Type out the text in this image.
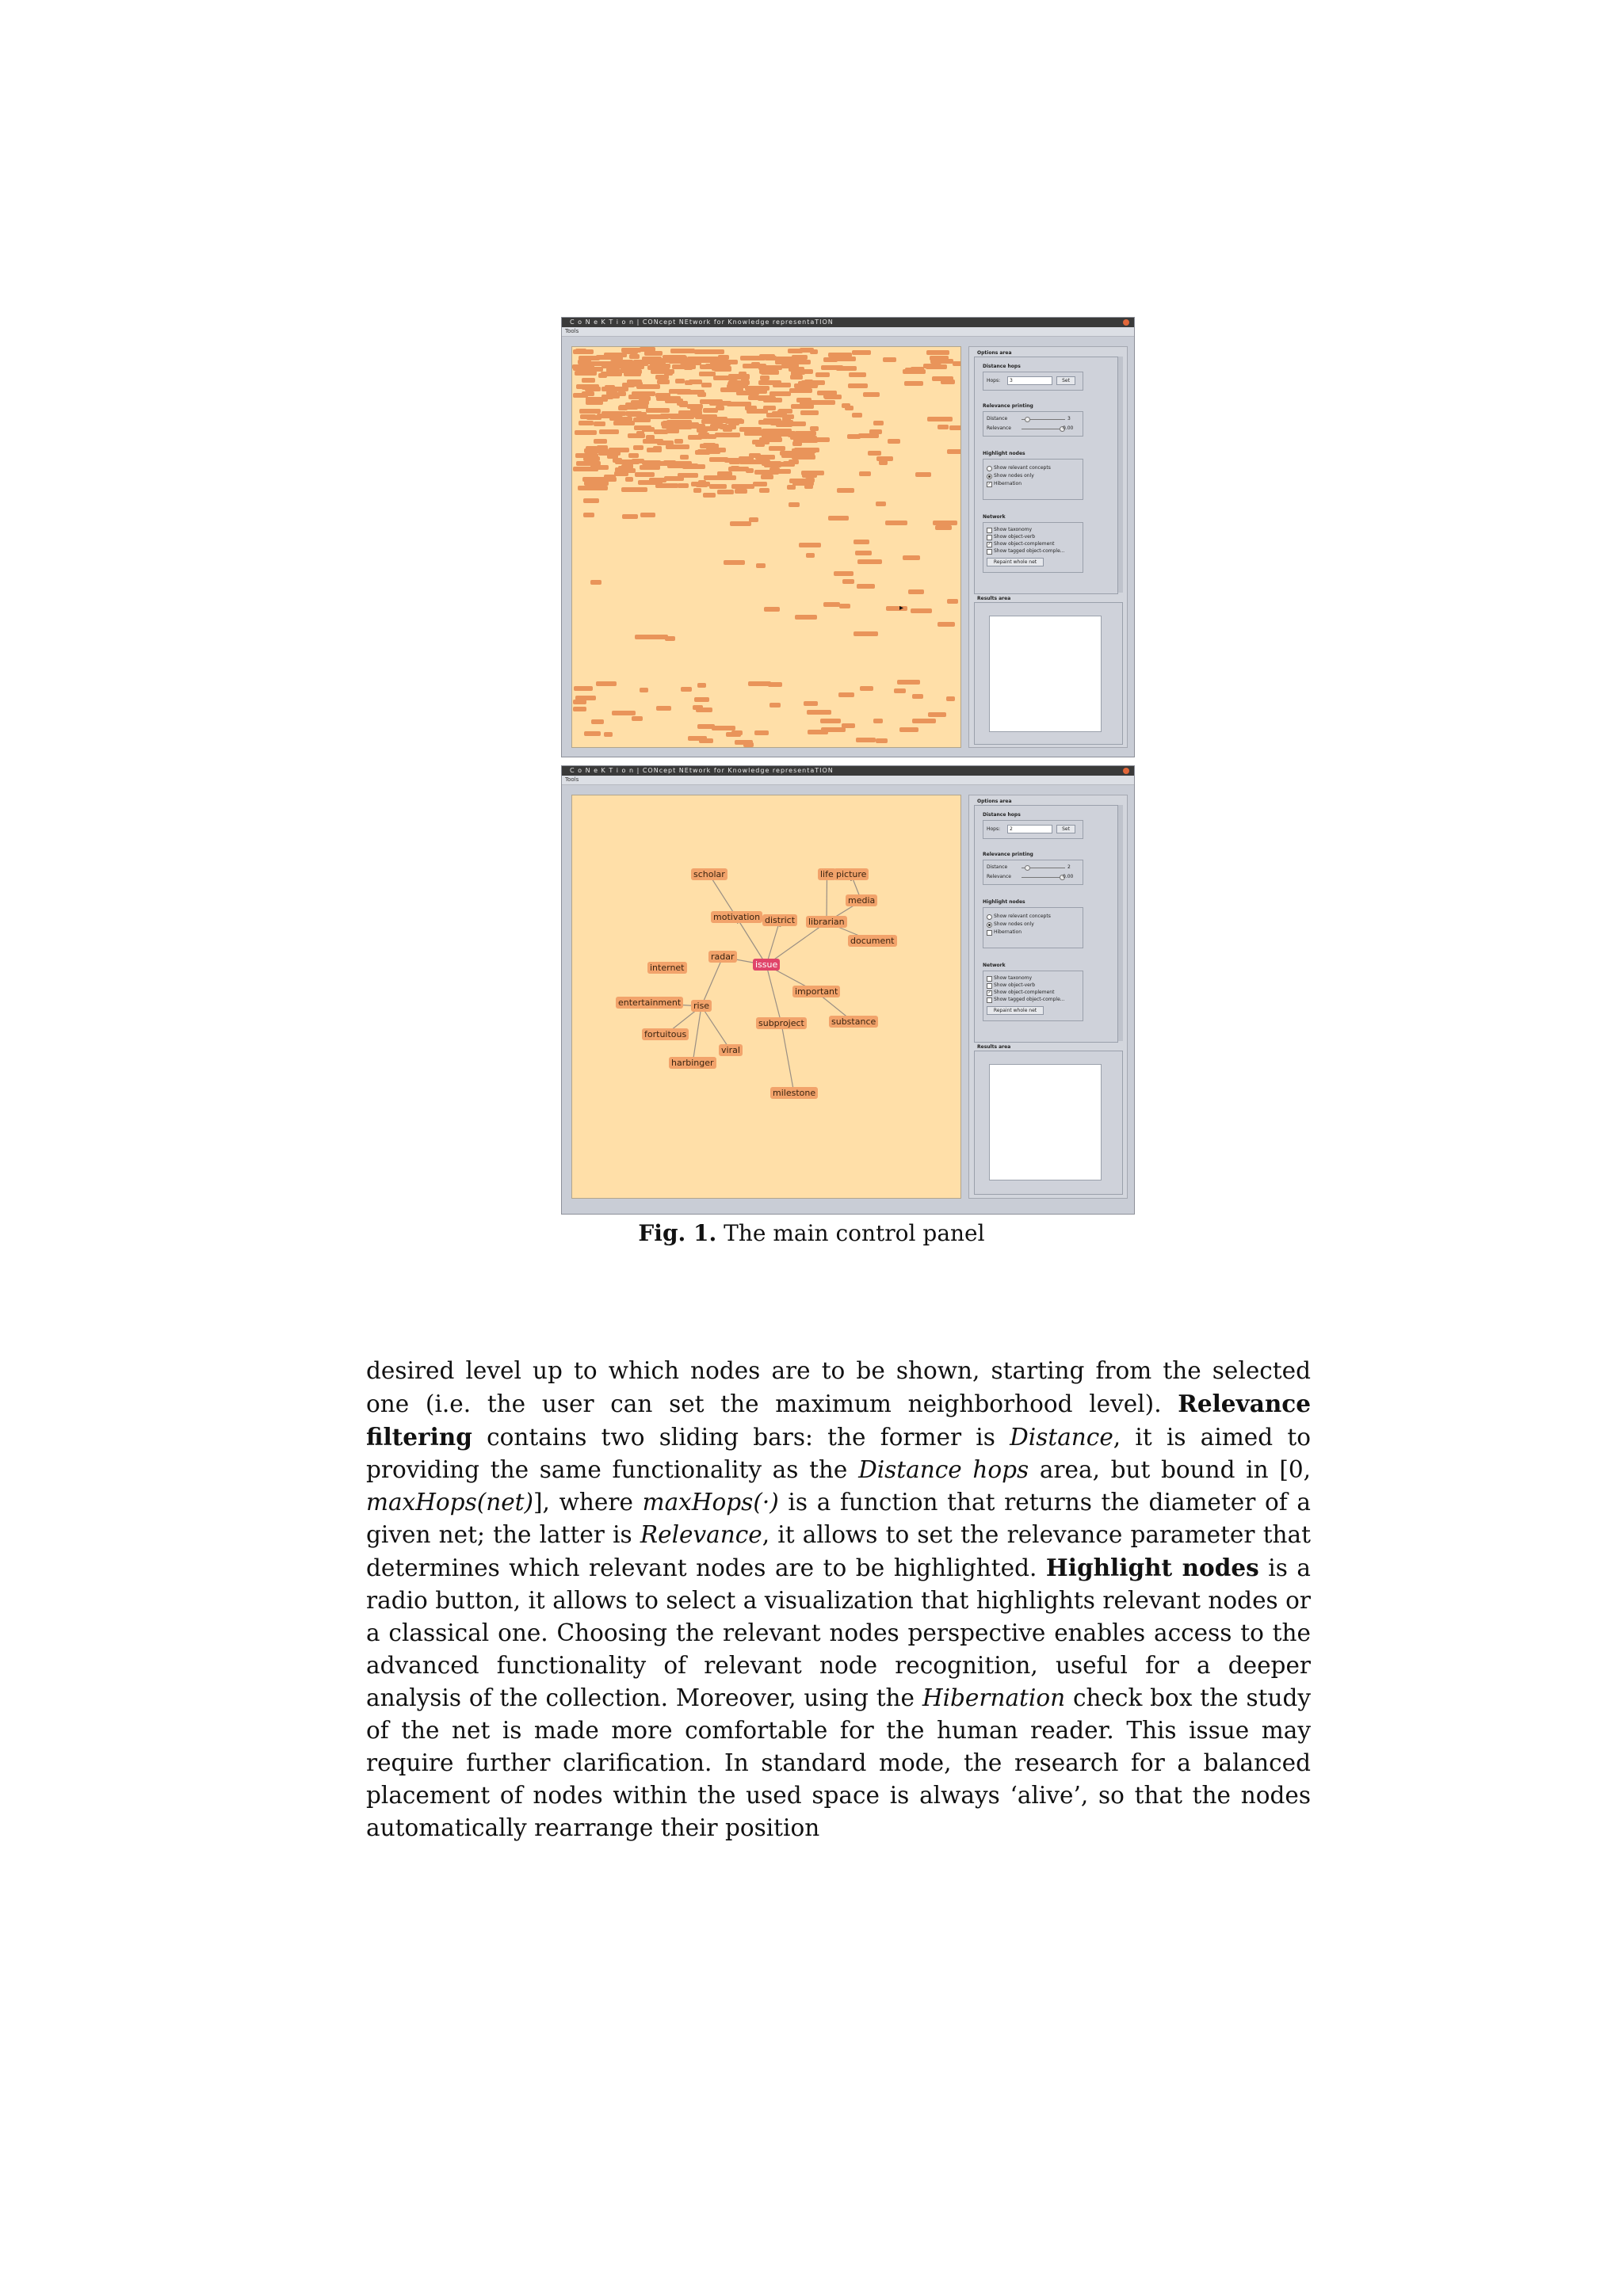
C o N e K T i o n | CONcept NEtwork for Knowledge representaTION
Tools
▸
Options area
Distance hops
Hops: 3	Set
Relevance printing
Distance	3
Relevance	0.00
Highlight nodes
Show relevant concepts
Show nodes only
✓ Hibernation
Network
Show taxonomy
Show object-verb
✓ Show object-complement
Show tagged object-comple...
Repaint whole net
Results area
C o N e K T i o n | CONcept NEtwork for Knowledge representaTION
Tools
scholar	life picture
media
motivation district librarian
document
radar
internet	issue
important
entertainment rise
subproject	substance
fortuitous
viral
harbinger
milestone
Options area
Distance hops
Hops: 2	Set
Relevance printing
Distance	2
Relevance	0.00
Highlight nodes
Show relevant concepts
Show nodes only
Hibernation
Network
Show taxonomy
Show object-verb
✓ Show object-complement
Show tagged object-comple...
Repaint whole net
Results area
Fig. 1. The main control panel

desired level up to which nodes are to be shown, starting from the selected one (i.e. the user can set the maximum neighborhood level). Relevance filtering contains two sliding bars: the former is Distance, it is aimed to providing the same functionality as the Distance hops area, but bound in [0, maxHops(net)], where maxHops(·) is a function that returns the diameter of a given net; the latter is Relevance, it allows to set the relevance parameter that determines which relevant nodes are to be highlighted. Highlight nodes is a radio button, it allows to select a visualization that highlights relevant nodes or a classical one. Choosing the relevant nodes perspective enables access to the advanced functionality of relevant node recognition, useful for a deeper analysis of the collection. Moreover, using the Hibernation check box the study of the net is made more comfortable for the human reader. This issue may require further clarification. In standard mode, the research for a balanced placement of nodes within the used space is always ‘alive’, so that the nodes automatically rearrange their position
